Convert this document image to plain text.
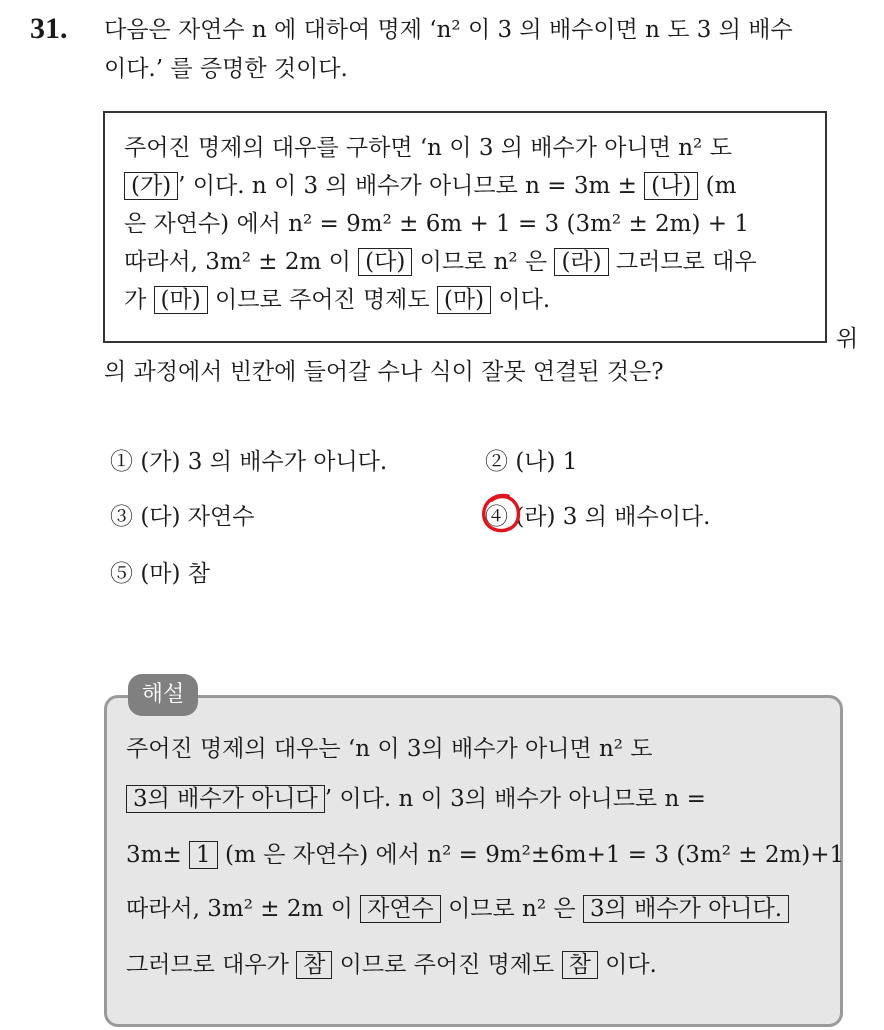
31. 다음은 자연수 n 에 대하여 명제 ‘n² 이 3 의 배수이면 n 도 3 의 배수
이다.’ 를 증명한 것이다.
주어진 명제의 대우를 구하면 ‘n 이 3 의 배수가 아니면 n² 도
(가) ’ 이다. n 이 3 의 배수가 아니므로 n = 3m ± (나) (m
은 자연수) 에서 n² = 9m² ± 6m + 1 = 3 (3m² ± 2m) + 1
따라서, 3m² ± 2m 이 (다) 이므로 n² 은 (라) 그러므로 대우
가 (마) 이므로 주어진 명제도 (마) 이다.
위
의 과정에서 빈칸에 들어갈 수나 식이 잘못 연결된 것은?
① (가) 3 의 배수가 아니다.	② (나) 1
③ (다) 자연수	④ (라) 3 의 배수이다.
⑤ (마) 참
해설
주어진 명제의 대우는 ‘n 이 3의 배수가 아니면 n² 도
3의 배수가 아니다 ’ 이다. n 이 3의 배수가 아니므로 n =
3m± 1 (m 은 자연수) 에서 n² = 9m²±6m+1 = 3 (3m² ± 2m)+1
따라서, 3m² ± 2m 이 자연수 이므로 n² 은 3의 배수가 아니다.
그러므로 대우가 참 이므로 주어진 명제도 참 이다.
